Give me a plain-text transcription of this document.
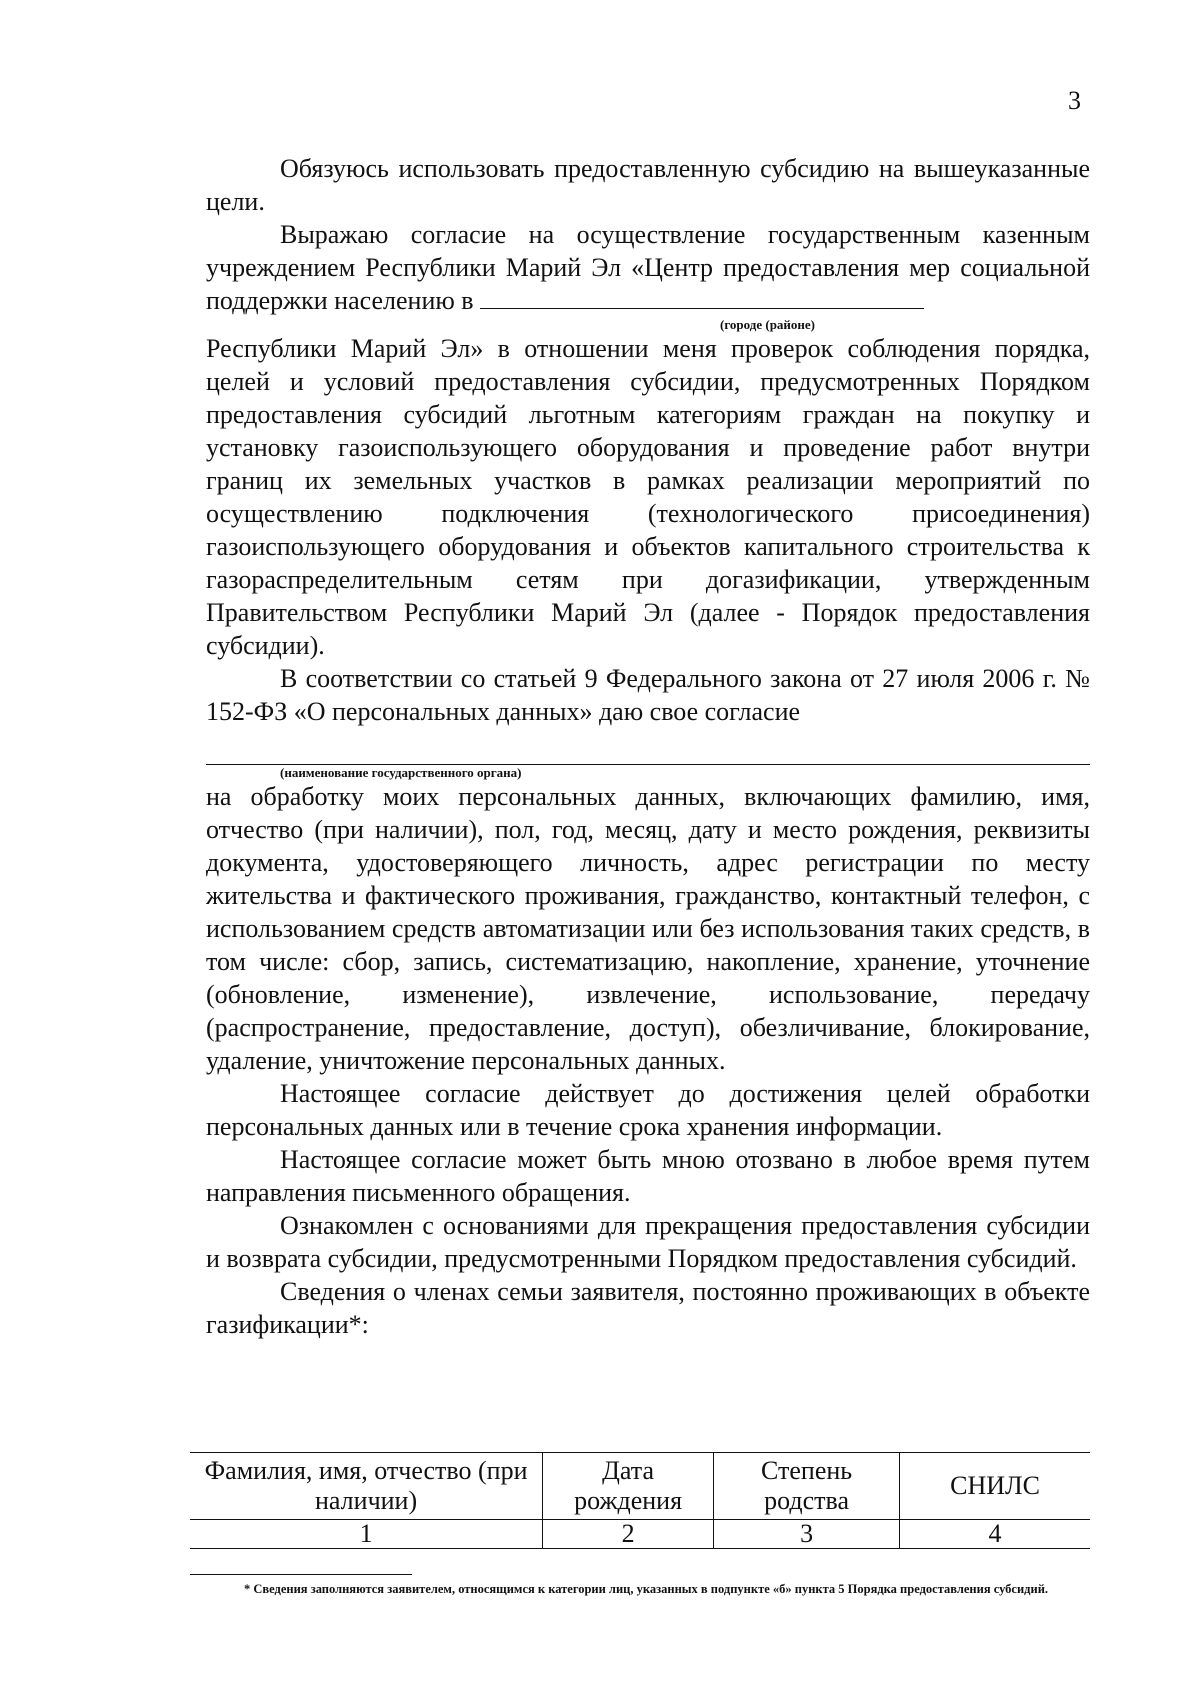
3

Обязуюсь использовать предоставленную субсидию на вышеуказанные цели.

Выражаю согласие на осуществление государственным казенным учреждением Республики Марий Эл «Центр предоставления мер социальной поддержки населению в

(городе (районе)

Республики Марий Эл» в отношении меня проверок соблюдения порядка, целей и условий предоставления субсидии, предусмотренных Порядком предоставления субсидий льготным категориям граждан на покупку и установку газоиспользующего оборудования и проведение работ внутри границ их земельных участков в рамках реализации мероприятий по осуществлению подключения (технологического присоединения) газоиспользующего оборудования и объектов капитального строительства к газораспределительным сетям при догазификации, утвержденным Правительством Республики Марий Эл (далее - Порядок предоставления субсидии).

В соответствии со статьей 9 Федерального закона от 27 июля 2006 г. № 152-ФЗ «О персональных данных» даю свое согласие

(наименование государственного органа)

на обработку моих персональных данных, включающих фамилию, имя, отчество (при наличии), пол, год, месяц, дату и место рождения, реквизиты документа, удостоверяющего личность, адрес регистрации по месту жительства и фактического проживания, гражданство, контактный телефон, с использованием средств автоматизации или без использования таких средств, в том числе: сбор, запись, систематизацию, накопление, хранение, уточнение (обновление, изменение), извлечение, использование, передачу (распространение, предоставление, доступ), обезличивание, блокирование, удаление, уничтожение персональных данных.

Настоящее согласие действует до достижения целей обработки персональных данных или в течение срока хранения информации.

Настоящее согласие может быть мною отозвано в любое время путем направления письменного обращения.

Ознакомлен с основаниями для прекращения предоставления субсидии и возврата субсидии, предусмотренными Порядком предоставления субсидий.

Сведения о членах семьи заявителя, постоянно проживающих в объекте газификации*:

Фамилия, имя, отчество (при наличии)	Дата рождения	Степень родства	СНИЛС
1	2	3	4

* Сведения заполняются заявителем, относящимся к категории лиц, указанных в подпункте «б» пункта 5 Порядка предоставления субсидий.
